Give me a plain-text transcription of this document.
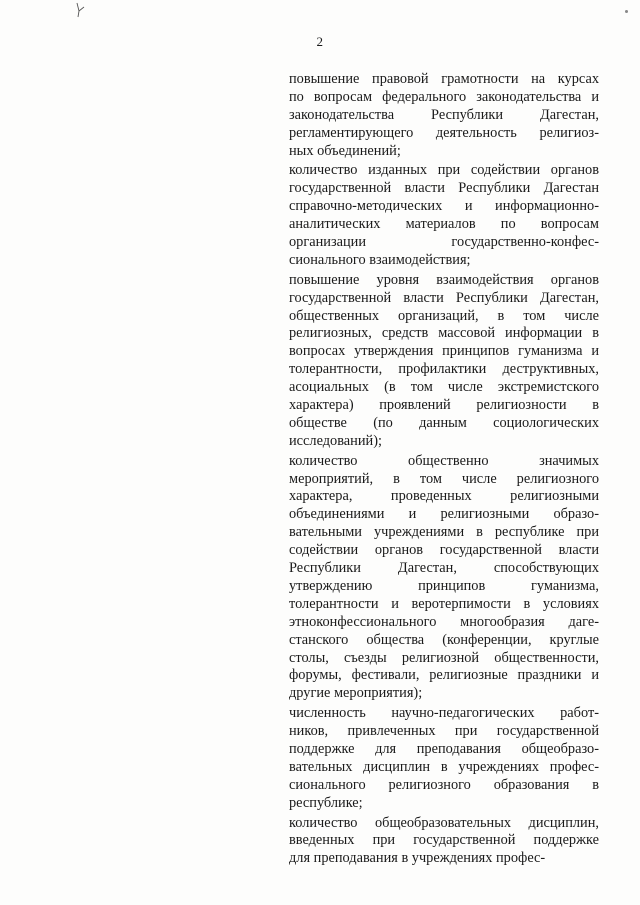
2
повышение правовой грамотности на курсах
по вопросам федерального законодательства и
законодательства Республики Дагестан,
регламентирующего деятельность религиоз-
ных объединений;
количество изданных при содействии органов
государственной власти Республики Дагестан
справочно-методических и информационно-
аналитических материалов по вопросам
организации государственно-конфес-
сионального взаимодействия;
повышение уровня взаимодействия органов
государственной власти Республики Дагестан,
общественных организаций, в том числе
религиозных, средств массовой информации в
вопросах утверждения принципов гуманизма и
толерантности, профилактики деструктивных,
асоциальных (в том числе экстремистского
характера) проявлений религиозности в
обществе (по данным социологических
исследований);
количество общественно значимых
мероприятий, в том числе религиозного
характера, проведенных религиозными
объединениями и религиозными образо-
вательными учреждениями в республике при
содействии органов государственной власти
Республики Дагестан, способствующих
утверждению принципов гуманизма,
толерантности и веротерпимости в условиях
этноконфессионального многообразия даге-
станского общества (конференции, круглые
столы, съезды религиозной общественности,
форумы, фестивали, религиозные праздники и
другие мероприятия);
численность научно-педагогических работ-
ников, привлеченных при государственной
поддержке для преподавания общеобразо-
вательных дисциплин в учреждениях профес-
сионального религиозного образования в
республике;
количество общеобразовательных дисциплин,
введенных при государственной поддержке
для преподавания в учреждениях профес-
